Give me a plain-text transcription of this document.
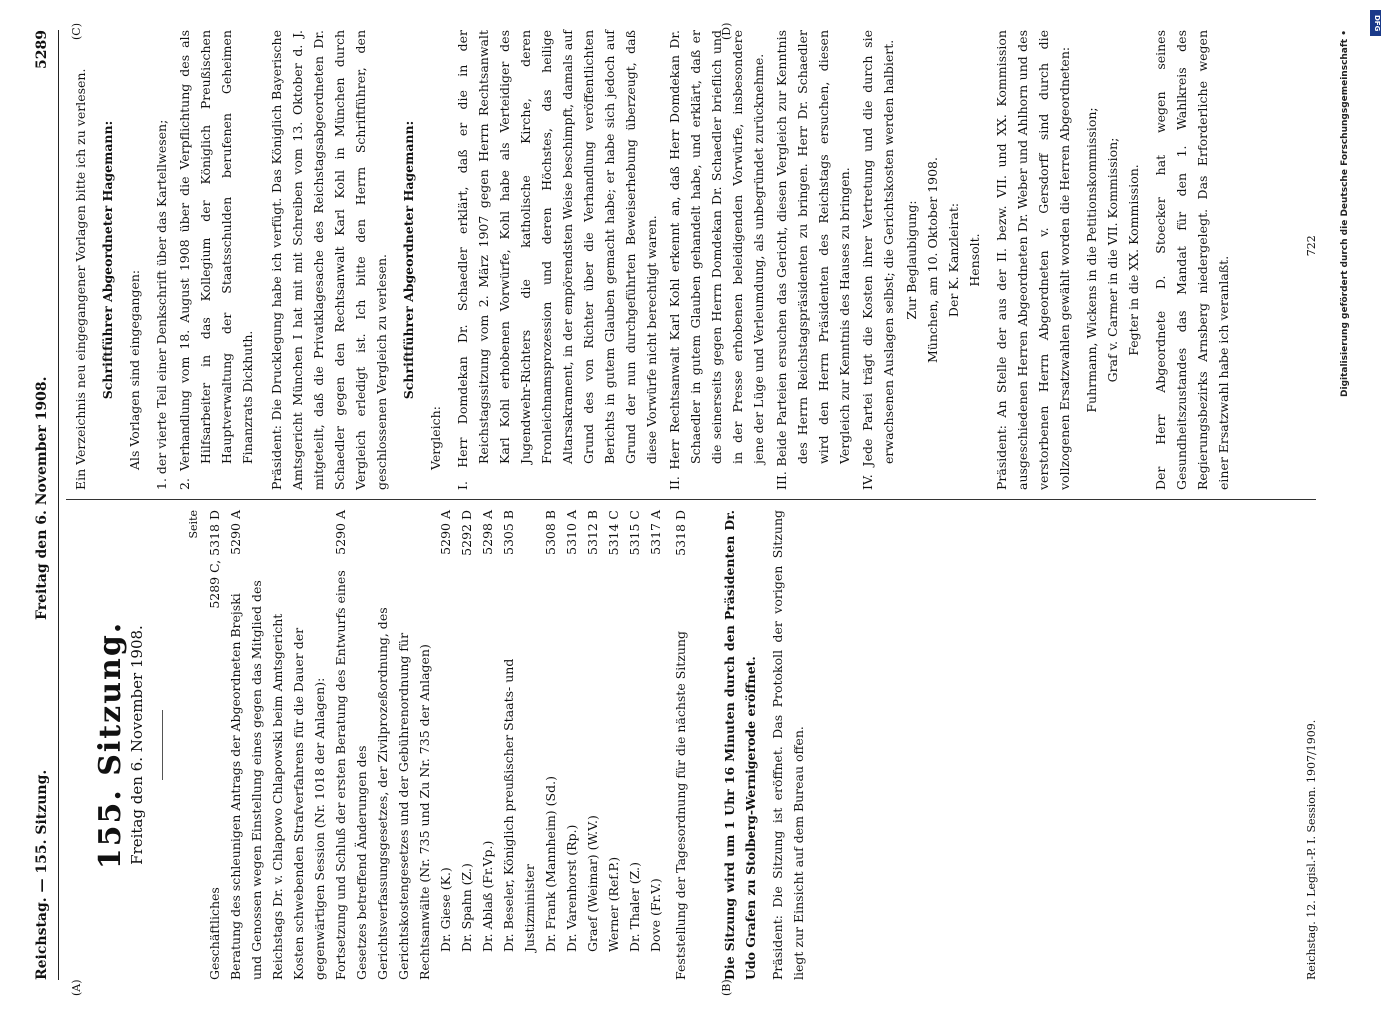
Reichstag. — 155. Sitzung.
Freitag den 6. November 1908.
5289
155. Sitzung. Freitag den 6. November 1908.
Seite
Geschäftliches
5289 C, 5318 D
Beratung des schleunigen Antrags der Abgeordneten Brejski und Genossen wegen Einstellung eines gegen das Mitglied des Reichstags Dr. v. Chlapowo Chlapowski beim Amtsgericht Kosten schwebenden Strafverfahrens für die Dauer der gegenwärtigen Session (Nr. 1018 der Anlagen):
5290 A
Fortsetzung und Schluß der ersten Beratung des Entwurfs eines Gesetzes betreffend Änderungen des Gerichtsverfassungsgesetzes, der Zivilprozeßordnung, des Gerichtskostengesetzes und der Gebührenordnung für Rechtsanwälte (Nr. 735 und Zu Nr. 735 der Anlagen)
5290 A
Dr. Giese (K.)
5290 A
Dr. Spahn (Z.)
5292 D
Dr. Ablaß (Fr.Vp.)
5298 A
Dr. Beseler, Königlich preußischer Staats- und Justizminister
5305 B
Dr. Frank (Mannheim) (Sd.)
5308 B
Dr. Varenhorst (Rp.)
5310 A
Graef (Weimar) (W.V.)
5312 B
Werner (Ref.P.)
5314 C
Dr. Thaler (Z.)
5315 C
Dove (Fr.V.)
5317 A
Feststellung der Tagesordnung für die nächste Sitzung
5318 D	Die Sitzung wird um 1 Uhr 16 Minuten durch den Präsidenten Dr. Udo Grafen zu Stolberg-Wernigerode eröffnet. Präsident: Die Sitzung ist eröffnet. Das Protokoll der vorigen Sitzung liegt zur Einsicht auf dem Bureau offen.

Ein Verzeichnis neu eingegangener Vorlagen bitte ich zu verlesen. Schriftführer Abgeordneter Hagemann: Als Vorlagen sind eingegangen: 1. der vierte Teil einer Denkschrift über das Kartellwesen; 2. Verhandlung vom 18. August 1908 über die Verpflichtung des als Hilfsarbeiter in das Kollegium der Königlich Preußischen Hauptverwaltung der Staatsschulden berufenen Geheimen Finanzrats Dickhuth. Präsident: Die Drucklegung habe ich verfügt. Das Königlich Bayerische Amtsgericht München I hat mit mit Schreiben vom 13. Oktober d. J. mitgeteilt, daß die Privatklagesache des Reichstagsabgeordneten Dr. Schaedler gegen den Rechtsanwalt Karl Kohl in München durch Vergleich erledigt ist. Ich bitte den Herrn Schriftführer, den geschlossenen Vergleich zu verlesen. Schriftführer Abgeordneter Hagemann:

Vergleich: I. Herr Domdekan Dr. Schaedler erklärt, daß er die in der Reichstagssitzung vom 2. März 1907 gegen Herrn Rechtsanwalt Karl Kohl erhobenen Vorwürfe, Kohl habe als Verteidiger des Jugendwehr-Richters die katholische Kirche, deren Fronleichnamsprozession und deren Höchstes, das heilige Altarsakrament, in der empörendsten Weise beschimpft, damals auf Grund des von Richter über die Verhandlung veröffentlichten Berichts in gutem Glauben gemacht habe; er habe sich jedoch auf Grund der nun durchgeführten Beweiserhebung überzeugt, daß diese Vorwürfe nicht berechtigt waren. II. Herr Rechtsanwalt Karl Kohl erkennt an, daß Herr Domdekan Dr. Schaedler in gutem Glauben gehandelt habe, und erklärt, daß er die seinerseits gegen Herrn Domdekan Dr. Schaedler brieflich und in der Presse erhobenen beleidigenden Vorwürfe, insbesondere jene der Lüge und Verleumdung, als unbegründet zurücknehme. III. Beide Parteien ersuchen das Gericht, diesen Vergleich zur Kenntnis des Herrn Reichstagspräsidenten zu bringen. Herr Dr. Schaedler wird den Herrn Präsidenten des Reichstags ersuchen, diesen Vergleich zur Kenntnis des Hauses zu bringen. IV. Jede Partei trägt die Kosten ihrer Vertretung und die durch sie erwachsenen Auslagen selbst; die Gerichtskosten werden halbiert. Zur Beglaubigung: München, am 10. Oktober 1908. Der K. Kanzleirat: Hensolt. Präsident: An Stelle der aus der II. bezw. VII. und XX. Kommission ausgeschiedenen Herren Abgeordneten Dr. Weber und Ahlhorn und des verstorbenen Herrn Abgeordneten v. Gersdorff sind durch die vollzogenen Ersatzwahlen gewählt worden die Herren Abgeordneten: Fuhrmann, Wickens in die Petitionskommission; Graf v. Carmer in die VII. Kommission; Fegter in die XX. Kommission. Der Herr Abgeordnete D. Stoecker hat wegen seines Gesundheitszustandes das Mandat für den 1. Wahlkreis des Regierungsbezirks Arnsberg niedergelegt. Das Erforderliche wegen einer Ersatzwahl habe ich veranlaßt.

(A)	(B)
(C)	(D)
Reichstag. 12. Legisl.-P. I. Session. 1907/1909. 722 Digitalisierung gefördert durch die Deutsche Forschungsgemeinschaft •
DFG
